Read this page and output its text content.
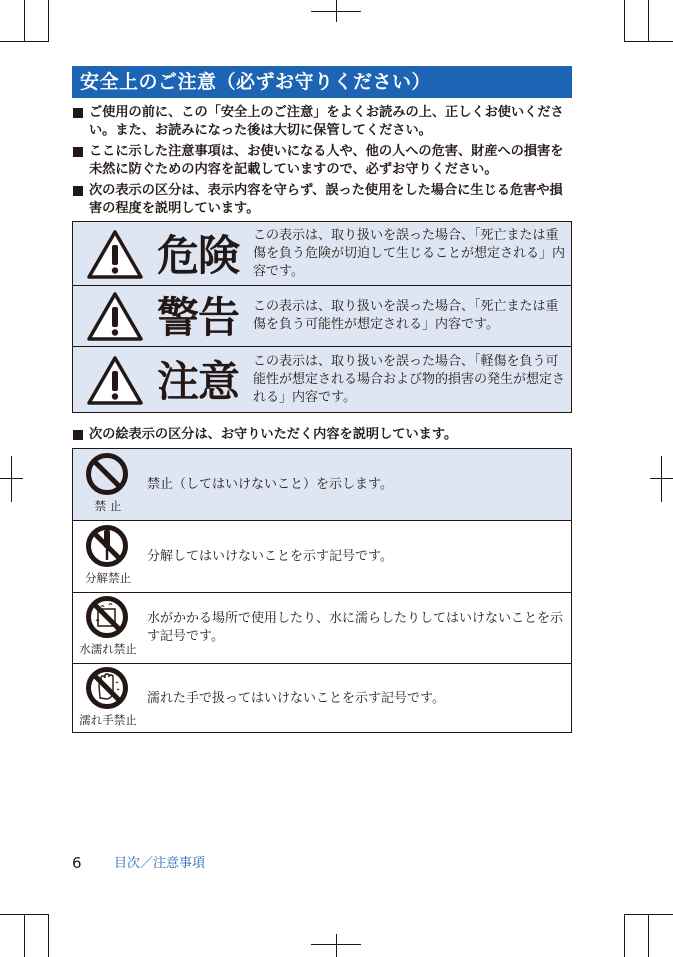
安全上のご注意（必ずお守りください）
ご使用の前に、この「安全上のご注意」をよくお読みの上、正しくお使いください。また、お読みになった後は大切に保管してください。
ここに示した注意事項は、お使いになる人や、他の人への危害、財産への損害を未然に防ぐための内容を記載していますので、必ずお守りください。
次の表示の区分は、表示内容を守らず、誤った使用をした場合に生じる危害や損害の程度を説明しています。
危険 この表示は、取り扱いを誤った場合、「死亡または重傷を負う危険が切迫して生じることが想定される」内容です。
警告 この表示は、取り扱いを誤った場合、「死亡または重傷を負う可能性が想定される」内容です。
注意 この表示は、取り扱いを誤った場合、「軽傷を負う可能性が想定される場合および物的損害の発生が想定される」内容です。
次の絵表示の区分は、お守りいただく内容を説明しています。
禁 止
禁止（してはいけないこと）を示します。
分解禁止
分解してはいけないことを示す記号です。
水濡れ禁止
水がかかる場所で使用したり、水に濡らしたりしてはいけないことを示す記号です。
濡れ手禁止
濡れた手で扱ってはいけないことを示す記号です。
6 目次／注意事項
